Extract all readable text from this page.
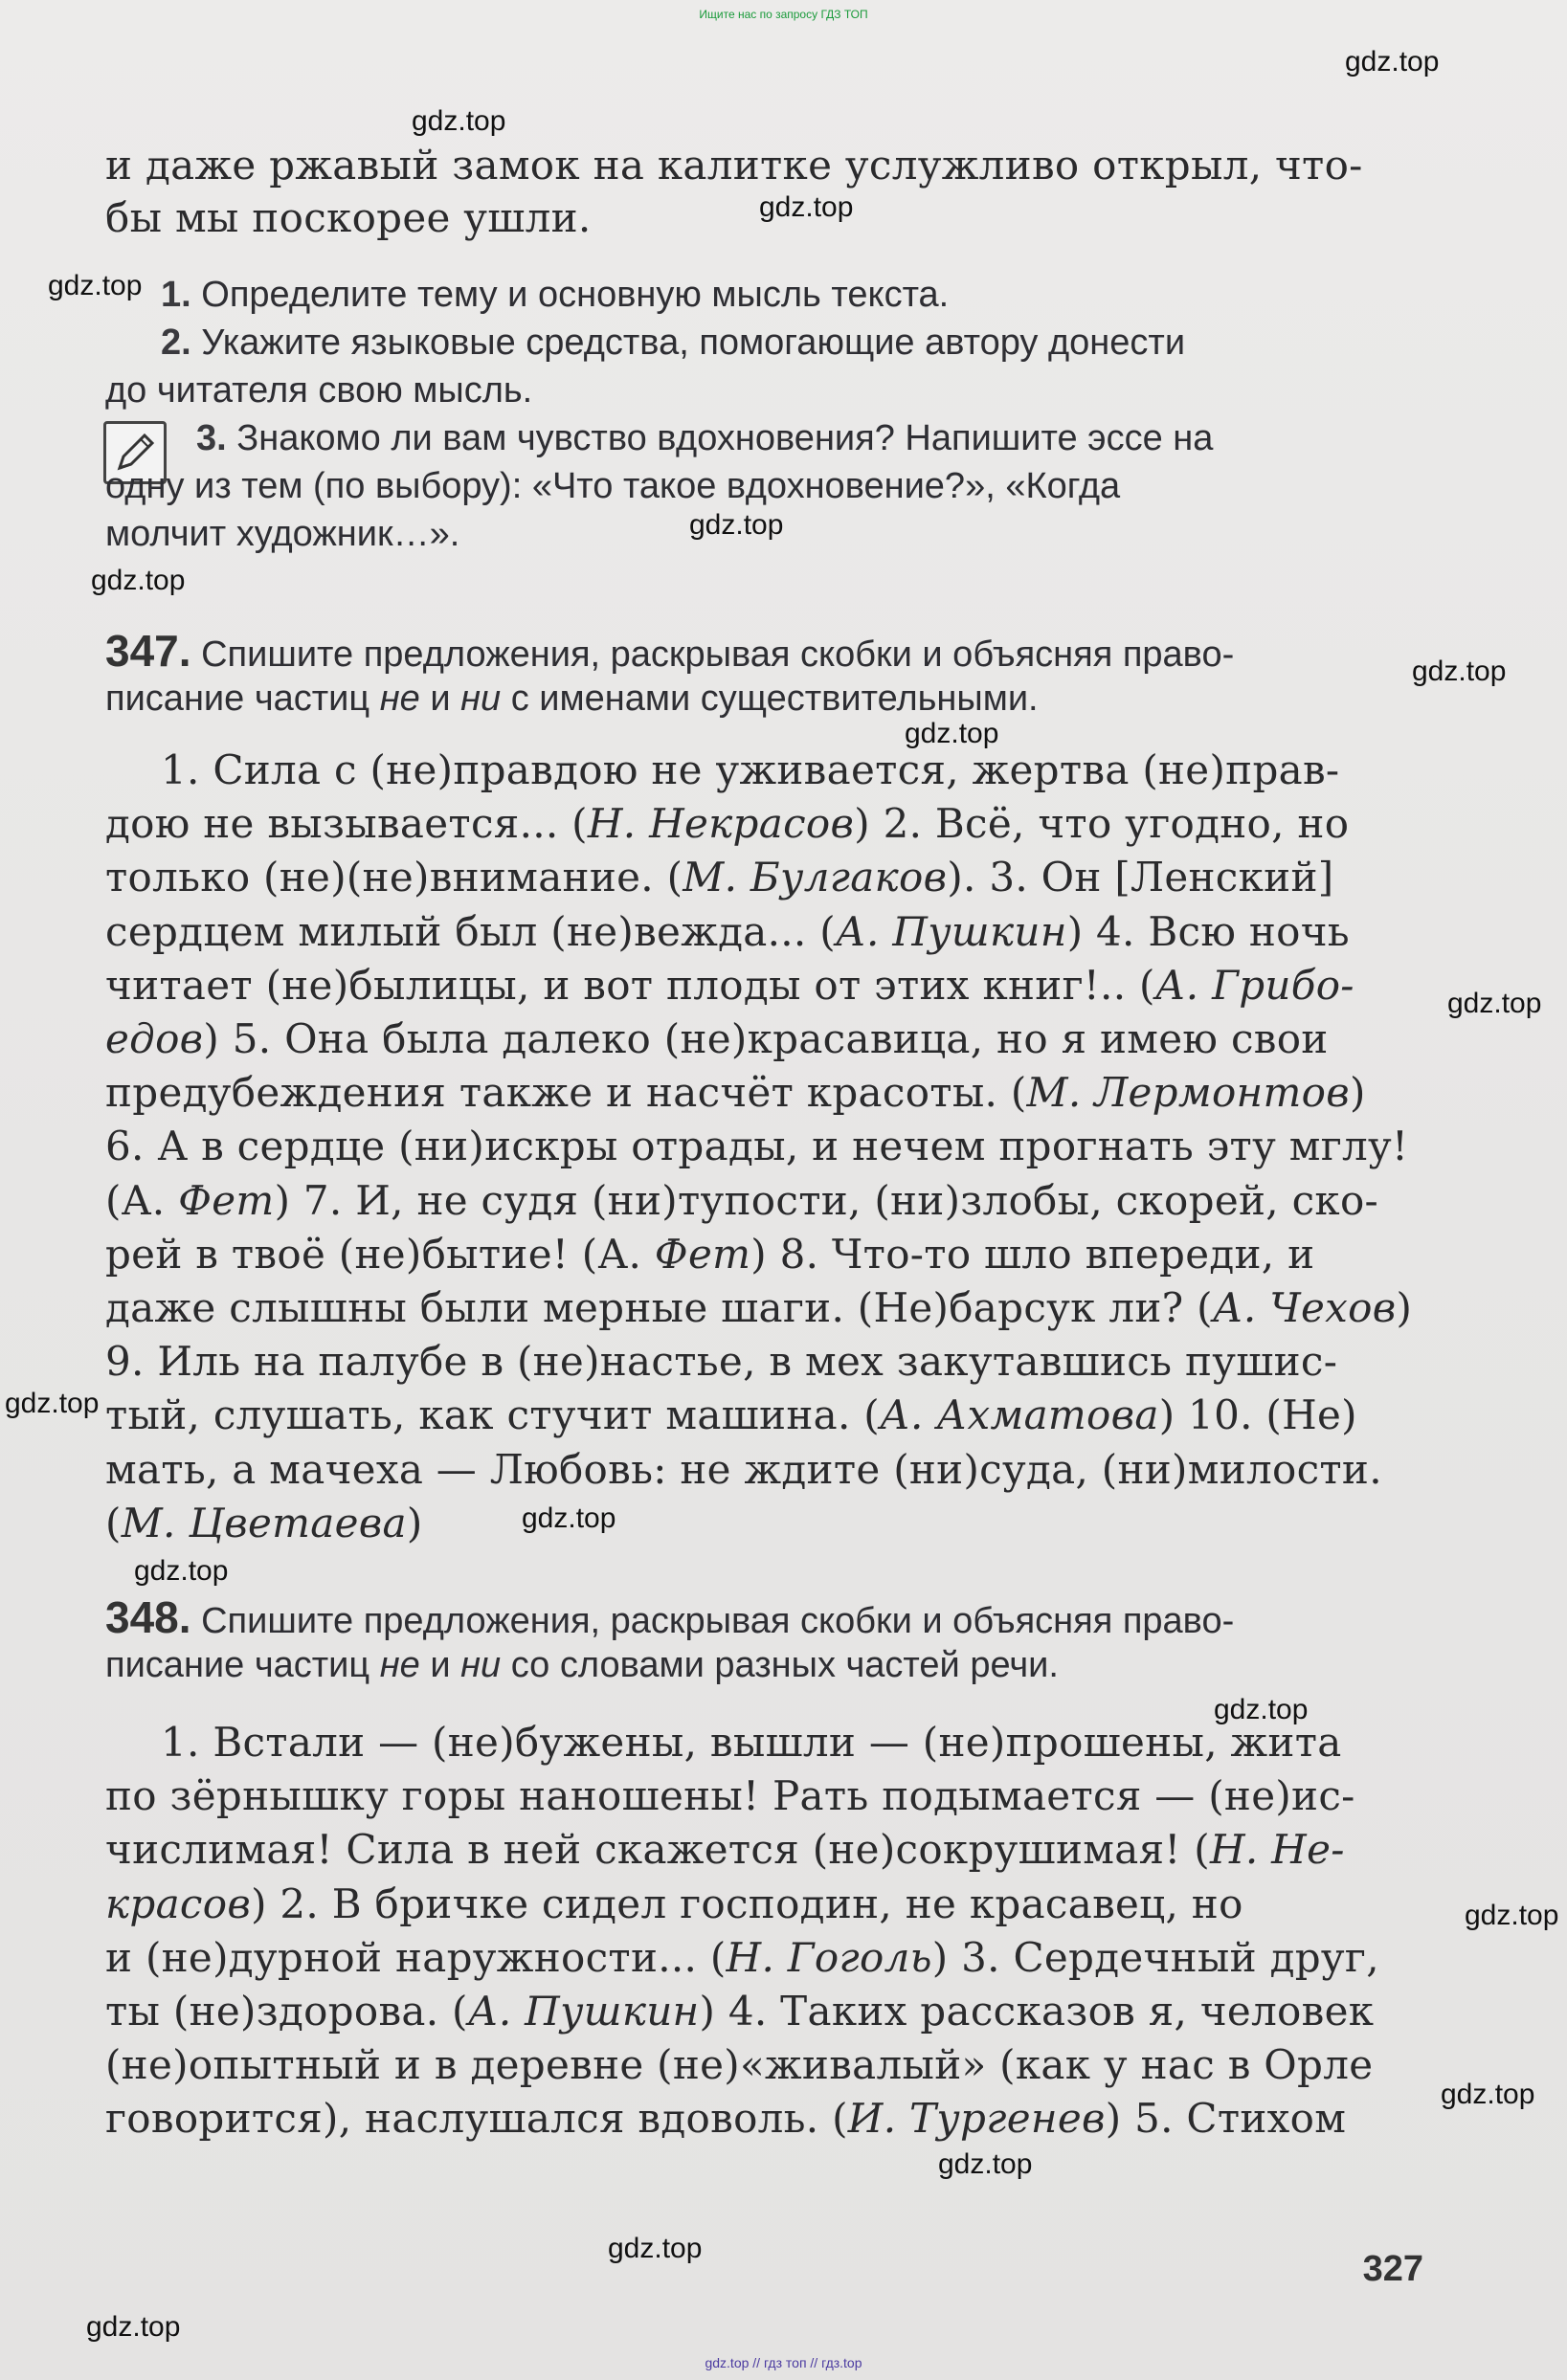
Ищите нас по запросу ГДЗ ТОП
gdz.top
gdz.top
gdz.top
gdz.top
gdz.top
gdz.top
gdz.top
gdz.top
gdz.top
gdz.top
gdz.top
gdz.top
gdz.top
gdz.top
gdz.top
gdz.top
gdz.top
gdz.top
и даже ржавый замок на калитке услужливо открыл, что-
бы мы поскорее ушли.
1. Определите тему и основную мысль текста.
2. Укажите языковые средства, помогающие автору донести
до читателя свою мысль.
3. Знакомо ли вам чувство вдохновения? Напишите эссе на
одну из тем (по выбору): «Что такое вдохновение?», «Когда
молчит художник…».
347. Спишите предложения, раскрывая скобки и объясняя право-
писание частиц не и ни с именами существительными.
1. Сила с (не)правдою не уживается, жертва (не)прав-
дою не вызывается... (Н. Некрасов) 2. Всё, что угодно, но
только (не)(не)внимание. (М. Булгаков). 3. Он [Ленский]
сердцем милый был (не)вежда... (А. Пушкин) 4. Всю ночь
читает (не)былицы, и вот плоды от этих книг!.. (А. Грибо-
едов) 5. Она была далеко (не)красавица, но я имею свои
предубеждения также и насчёт красоты. (М. Лермонтов)
6. А в сердце (ни)искры отрады, и нечем прогнать эту мглу!
(А. Фет) 7. И, не судя (ни)тупости, (ни)злобы, скорей, ско-
рей в твоё (не)бытие! (А. Фет) 8. Что-то шло впереди, и
даже слышны были мерные шаги. (Не)барсук ли? (А. Чехов)
9. Иль на палубе в (не)настье, в мех закутавшись пушис-
тый, слушать, как стучит машина. (А. Ахматова) 10. (Не)
мать, а мачеха — Любовь: не ждите (ни)суда, (ни)милости.
(М. Цветаева)
348. Спишите предложения, раскрывая скобки и объясняя право-
писание частиц не и ни со словами разных частей речи.
1. Встали — (не)бужены, вышли — (не)прошены, жита
по зёрнышку горы наношены! Рать подымается — (не)ис-
числимая! Сила в ней скажется (не)сокрушимая! (Н. Не-
красов) 2. В бричке сидел господин, не красавец, но
и (не)дурной наружности... (Н. Гоголь) 3. Сердечный друг,
ты (не)здорова. (А. Пушкин) 4. Таких рассказов я, человек
(не)опытный и в деревне (не)«живалый» (как у нас в Орле
говорится), наслушался вдоволь. (И. Тургенев) 5. Стихом
327
gdz.top // гдз топ // гдз.top
